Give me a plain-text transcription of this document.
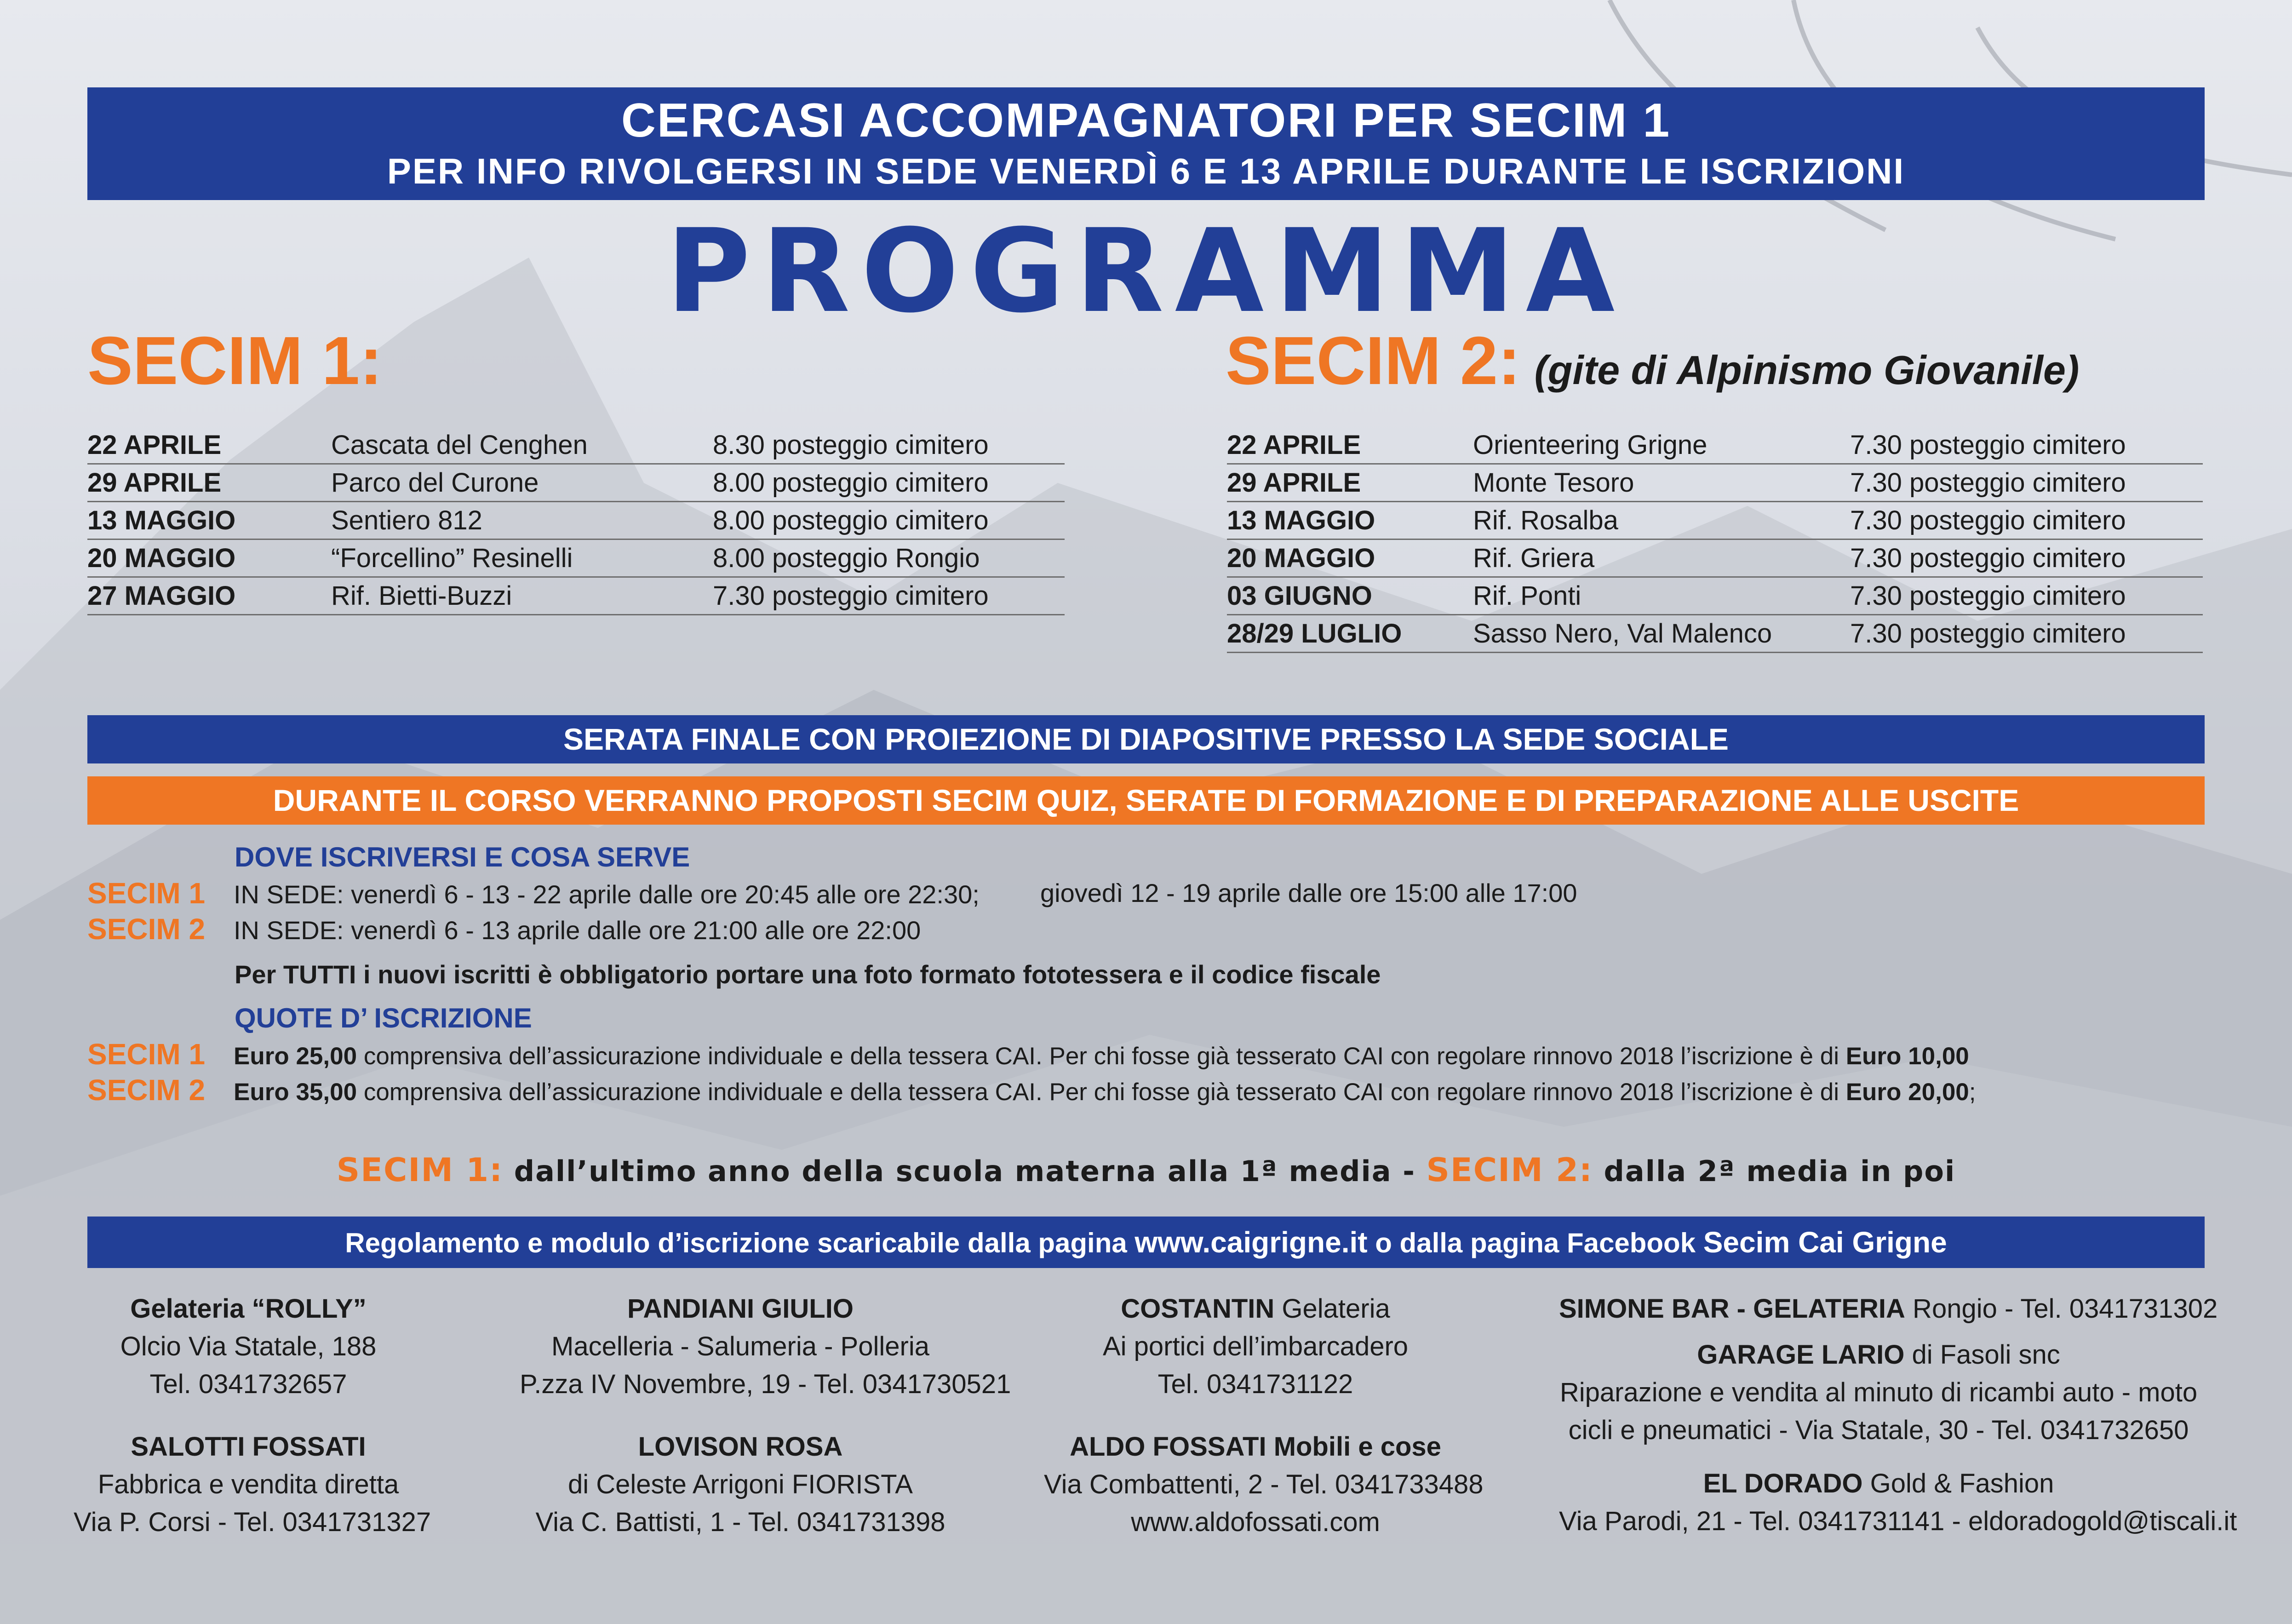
CERCASI ACCOMPAGNATORI PER SECIM 1
PER INFO RIVOLGERSI IN SEDE VENERDÌ 6 E 13 APRILE DURANTE LE ISCRIZIONI
PROGRAMMA
SECIM 1:	SECIM 2: (gite di Alpinismo Giovanile)
22 APRILE	Cascata del Cenghen	8.30 posteggio cimitero
29 APRILE	Parco del Curone	8.00 posteggio cimitero
13 MAGGIO	Sentiero 812	8.00 posteggio cimitero
20 MAGGIO	“Forcellino” Resinelli	8.00 posteggio Rongio
27 MAGGIO	Rif. Bietti-Buzzi	7.30 posteggio cimitero
22 APRILE	Orienteering Grigne	7.30 posteggio cimitero
29 APRILE	Monte Tesoro	7.30 posteggio cimitero
13 MAGGIO	Rif. Rosalba	7.30 posteggio cimitero
20 MAGGIO	Rif. Griera	7.30 posteggio cimitero
03 GIUGNO	Rif. Ponti	7.30 posteggio cimitero
28/29 LUGLIO	Sasso Nero, Val Malenco	7.30 posteggio cimitero
SERATA FINALE CON PROIEZIONE DI DIAPOSITIVE PRESSO LA SEDE SOCIALE
DURANTE IL CORSO VERRANNO PROPOSTI SECIM QUIZ, SERATE DI FORMAZIONE E DI PREPARAZIONE ALLE USCITE
DOVE ISCRIVERSI E COSA SERVE
SECIM 1 IN SEDE: venerdì 6 - 13 - 22 aprile dalle ore 20:45 alle ore 22:30; giovedì 12 - 19 aprile dalle ore 15:00 alle 17:00
SECIM 2 IN SEDE: venerdì 6 - 13 aprile dalle ore 21:00 alle ore 22:00
Per TUTTI i nuovi iscritti è obbligatorio portare una foto formato fototessera e il codice fiscale
QUOTE D’ ISCRIZIONE
SECIM 1 Euro 25,00 comprensiva dell’assicurazione individuale e della tessera CAI. Per chi fosse già tesserato CAI con regolare rinnovo 2018 l’iscrizione è di Euro 10,00
SECIM 2 Euro 35,00 comprensiva dell’assicurazione individuale e della tessera CAI. Per chi fosse già tesserato CAI con regolare rinnovo 2018 l’iscrizione è di Euro 20,00;
SECIM 1: dall’ultimo anno della scuola materna alla 1ª media - SECIM 2: dalla 2ª media in poi
Regolamento e modulo d’iscrizione scaricabile dalla pagina www.caigrigne.it o dalla pagina Facebook Secim Cai Grigne
Gelateria “ROLLY”
Olcio Via Statale, 188
Tel. 0341732657
PANDIANI GIULIO
Macelleria - Salumeria - Polleria
P.zza IV Novembre, 19 - Tel. 0341730521
COSTANTIN Gelateria
Ai portici dell’imbarcadero
Tel. 0341731122
SIMONE BAR - GELATERIA Rongio - Tel. 0341731302
GARAGE LARIO di Fasoli snc
Riparazione e vendita al minuto di ricambi auto - moto
cicli e pneumatici - Via Statale, 30 - Tel. 0341732650
SALOTTI FOSSATI
Fabbrica e vendita diretta
Via P. Corsi - Tel. 0341731327
LOVISON ROSA
di Celeste Arrigoni FIORISTA
Via C. Battisti, 1 - Tel. 0341731398
ALDO FOSSATI Mobili e cose
Via Combattenti, 2 - Tel. 0341733488
www.aldofossati.com
EL DORADO Gold & Fashion
Via Parodi, 21 - Tel. 0341731141 - eldoradogold@tiscali.it
